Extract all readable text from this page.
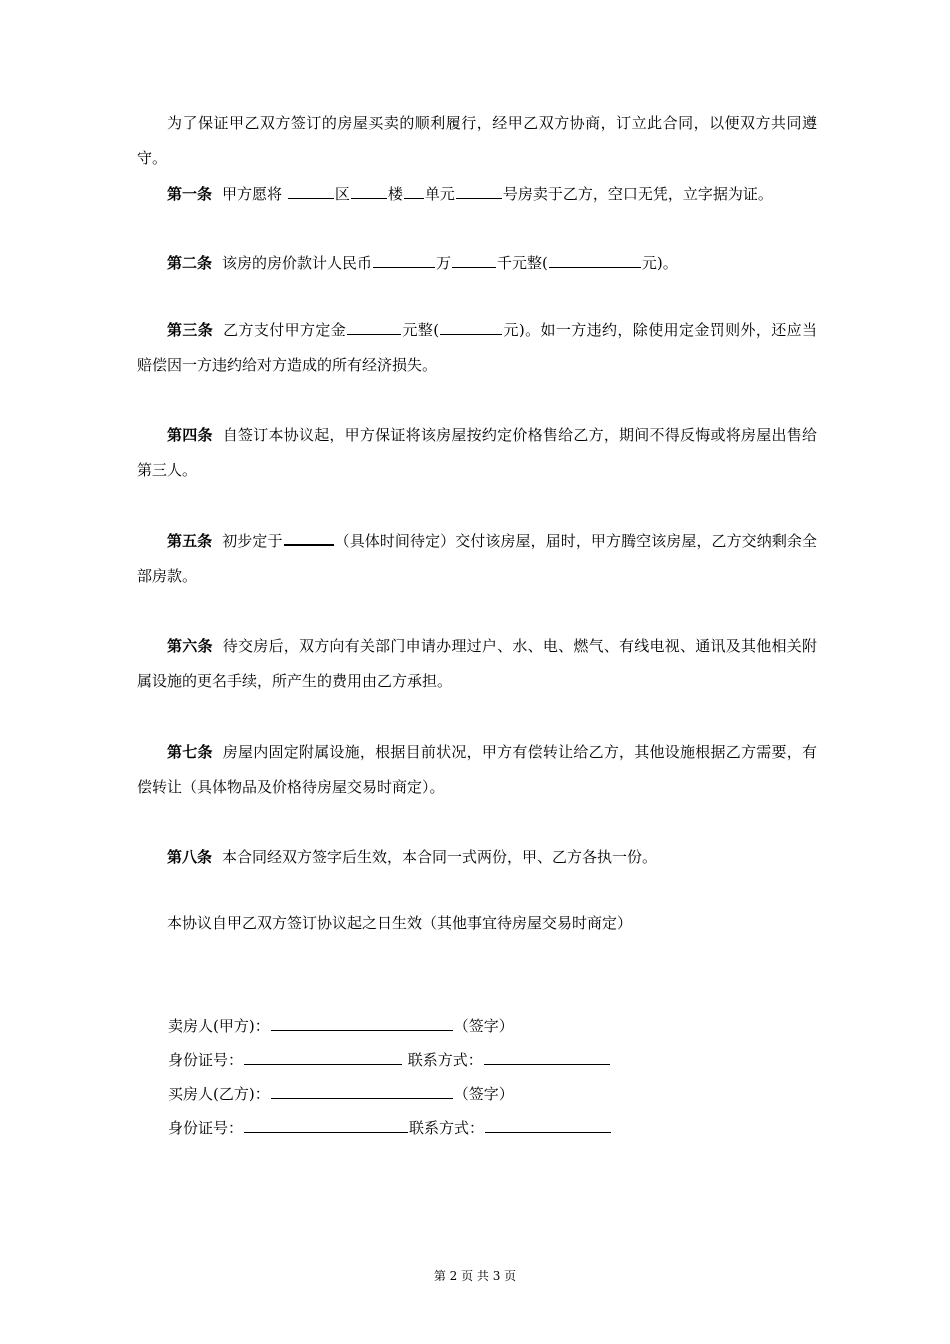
为了保证甲乙双方签订的房屋买卖的顺利履行，经甲乙双方协商，订立此合同，以便双方共同遵守。

第一条 甲方愿将	区	楼 单元	号房卖于乙方，空口无凭，立字据为证。

第二条 该房的房价款计人民币	万	千元整(	元)。

第三条 乙方支付甲方定金	元整(	元)。如一方违约，除使用定金罚则外，还应当赔偿因一方违约给对方造成的所有经济损失。

第四条 自签订本协议起，甲方保证将该房屋按约定价格售给乙方，期间不得反悔或将房屋出售给第三人。

第五条 初步定于	（具体时间待定）交付该房屋，届时，甲方腾空该房屋，乙方交纳剩余全部房款。

第六条 待交房后，双方向有关部门申请办理过户、水、电、燃气、有线电视、通讯及其他相关附属设施的更名手续，所产生的费用由乙方承担。

第七条 房屋内固定附属设施，根据目前状况，甲方有偿转让给乙方，其他设施根据乙方需要，有偿转让（具体物品及价格待房屋交易时商定）。

第八条 本合同经双方签字后生效，本合同一式两份，甲、乙方各执一份。

本协议自甲乙双方签订协议起之日生效（其他事宜待房屋交易时商定）

卖房人(甲方)：	（签字）
身份证号：	联系方式：
买房人(乙方)：	（签字）
身份证号：	联系方式：
第 2 页 共 3 页
